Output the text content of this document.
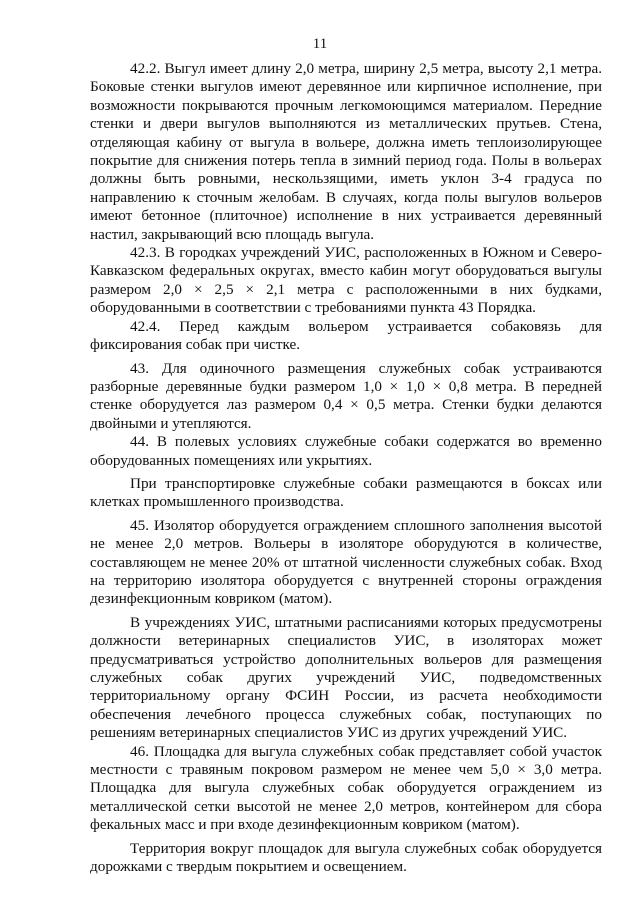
11

42.2. Выгул имеет длину 2,0 метра, ширину 2,5 метра, высоту 2,1 метра. Боковые стенки выгулов имеют деревянное или кирпичное исполнение, при возможности покрываются прочным легкомоющимся материалом. Передние стенки и двери выгулов выполняются из металлических прутьев. Стена, отделяющая кабину от выгула в вольере, должна иметь теплоизолирующее покрытие для снижения потерь тепла в зимний период года. Полы в вольерах должны быть ровными, нескользящими, иметь уклон 3-4 градуса по направлению к сточным желобам. В случаях, когда полы выгулов вольеров имеют бетонное (плиточное) исполнение в них устраивается деревянный настил, закрывающий всю площадь выгула.

42.3. В городках учреждений УИС, расположенных в Южном и Северо-Кавказском федеральных округах, вместо кабин могут оборудоваться выгулы размером 2,0 × 2,5 × 2,1 метра с расположенными в них будками, оборудованными в соответствии с требованиями пункта 43 Порядка.

42.4. Перед каждым вольером устраивается собаковязь для фиксирования собак при чистке.

43. Для одиночного размещения служебных собак устраиваются разборные деревянные будки размером 1,0 × 1,0 × 0,8 метра. В передней стенке оборудуется лаз размером 0,4 × 0,5 метра. Стенки будки делаются двойными и утепляются.

44. В полевых условиях служебные собаки содержатся во временно оборудованных помещениях или укрытиях.

При транспортировке служебные собаки размещаются в боксах или клетках промышленного производства.

45. Изолятор оборудуется ограждением сплошного заполнения высотой не менее 2,0 метров. Вольеры в изоляторе оборудуются в количестве, составляющем не менее 20% от штатной численности служебных собак. Вход на территорию изолятора оборудуется с внутренней стороны ограждения дезинфекционным ковриком (матом).

В учреждениях УИС, штатными расписаниями которых предусмотрены должности ветеринарных специалистов УИС, в изоляторах может предусматриваться устройство дополнительных вольеров для размещения служебных собак других учреждений УИС, подведомственных территориальному органу ФСИН России, из расчета необходимости обеспечения лечебного процесса служебных собак, поступающих по решениям ветеринарных специалистов УИС из других учреждений УИС.

46. Площадка для выгула служебных собак представляет собой участок местности с травяным покровом размером не менее чем 5,0 × 3,0 метра. Площадка для выгула служебных собак оборудуется ограждением из металлической сетки высотой не менее 2,0 метров, контейнером для сбора фекальных масс и при входе дезинфекционным ковриком (матом).

Территория вокруг площадок для выгула служебных собак оборудуется дорожками с твердым покрытием и освещением.
